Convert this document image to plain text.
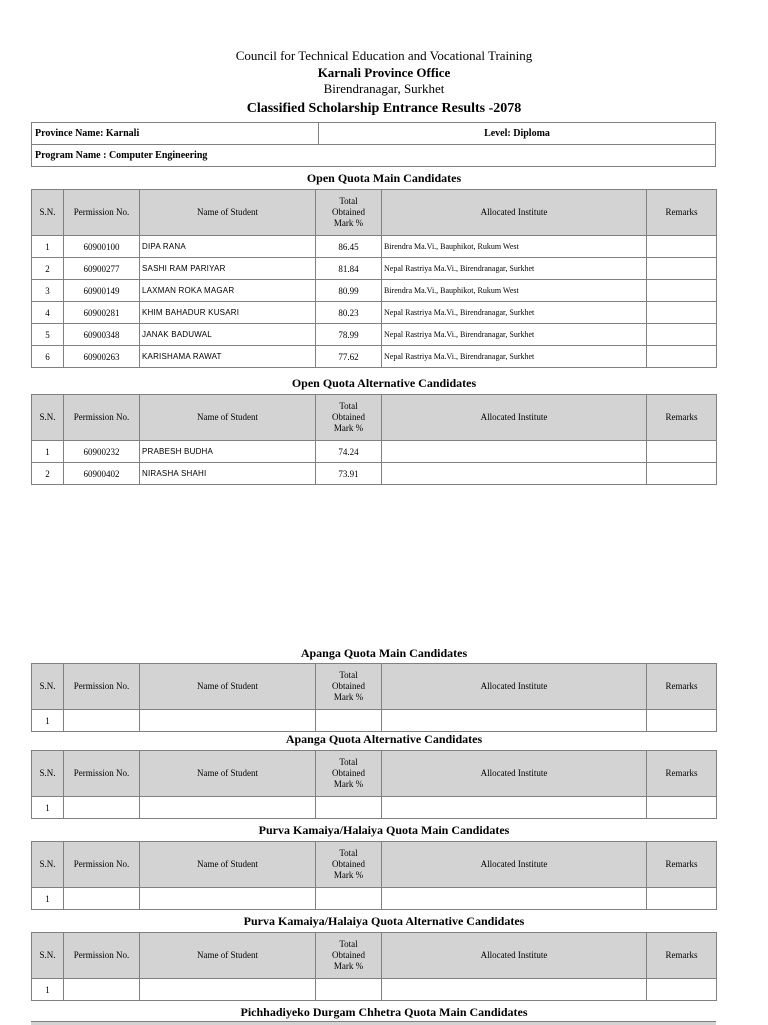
Council for Technical Education and Vocational Training
Karnali Province Office
Birendranagar, Surkhet
Classified Scholarship Entrance Results -2078
Province Name: Karnali	Level: Diploma
Program Name : Computer Engineering
Open Quota Main Candidates
S.N.	Permission No.	Name of Student	Total
Obtained
Mark %	Allocated Institute	Remarks
1	60900100	DIPA RANA	86.45	Birendra Ma.Vi., Bauphikot, Rukum West	
2	60900277	SASHI RAM PARIYAR	81.84	Nepal Rastriya Ma.Vi., Birendranagar, Surkhet	
3	60900149	LAXMAN ROKA MAGAR	80.99	Birendra Ma.Vi., Bauphikot, Rukum West	
4	60900281	KHIM BAHADUR KUSARI	80.23	Nepal Rastriya Ma.Vi., Birendranagar, Surkhet	
5	60900348	JANAK BADUWAL	78.99	Nepal Rastriya Ma.Vi., Birendranagar, Surkhet	
6	60900263	KARISHAMA RAWAT	77.62	Nepal Rastriya Ma.Vi., Birendranagar, Surkhet	
Open Quota Alternative Candidates
S.N.	Permission No.	Name of Student	Total
Obtained
Mark %	Allocated Institute	Remarks
1	60900232	PRABESH BUDHA	74.24		
2	60900402	NIRASHA SHAHI	73.91		
Apanga Quota Main Candidates
S.N.	Permission No.	Name of Student	Total
Obtained
Mark %	Allocated Institute	Remarks
1					
Apanga Quota Alternative Candidates
S.N.	Permission No.	Name of Student	Total
Obtained
Mark %	Allocated Institute	Remarks
1					
Purva Kamaiya/Halaiya Quota Main Candidates
S.N.	Permission No.	Name of Student	Total
Obtained
Mark %	Allocated Institute	Remarks
1					
Purva Kamaiya/Halaiya Quota Alternative Candidates
S.N.	Permission No.	Name of Student	Total
Obtained
Mark %	Allocated Institute	Remarks
1					
Pichhadiyeko Durgam Chhetra Quota Main Candidates
